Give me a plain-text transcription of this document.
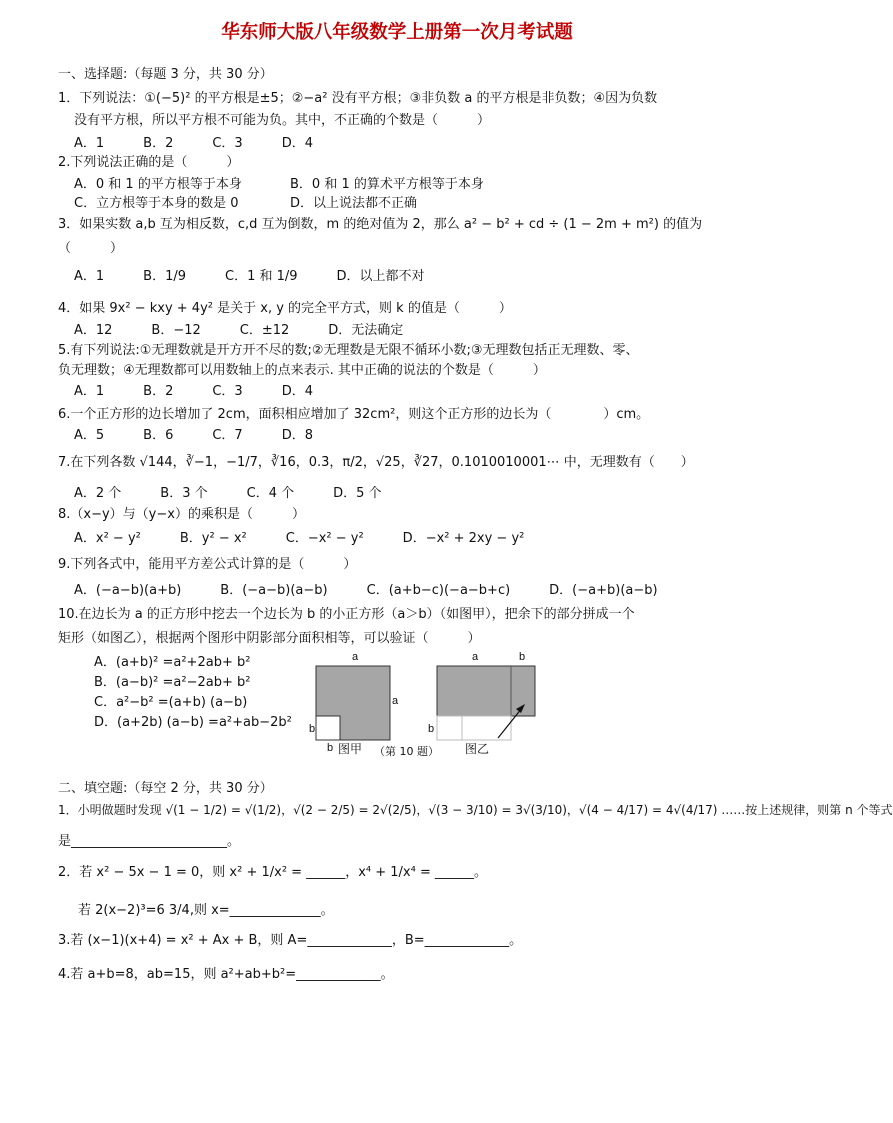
华东师大版八年级数学上册第一次月考试题
一、选择题:（每题 3 分，共 30 分）
1．下列说法：①(−5)² 的平方根是±5；②−a² 没有平方根；③非负数 a 的平方根是非负数；④因为负数
没有平方根，所以平方根不可能为负。其中，不正确的个数是（　　　）
A．1　　　B．2　　　C．3　　　D．4
2.下列说法正确的是（　　　）
A．0 和 1 的平方根等于本身	B．0 和 1 的算术平方根等于本身
C．立方根等于本身的数是 0	D．以上说法都不正确
3．如果实数 a,b 互为相反数，c,d 互为倒数，m 的绝对值为 2，那么 a² − b² + cd ÷ (1 − 2m + m²) 的值为
（　　　）
A．1　　　B．1/9　　　C．1 和 1/9　　　D．以上都不对
4．如果 9x² − kxy + 4y² 是关于 x, y 的完全平方式，则 k 的值是（　　　）
A．12　　　B．−12　　　C．±12　　　D．无法确定
5.有下列说法:①无理数就是开方开不尽的数;②无理数是无限不循环小数;③无理数包括正无理数、零、
负无理数；④无理数都可以用数轴上的点来表示. 其中正确的说法的个数是（　　　）
A．1　　　B．2　　　C．3　　　D．4
6.一个正方形的边长增加了 2cm，面积相应增加了 32cm²，则这个正方形的边长为（　　　　）cm。
A．5　　　B．6　　　C．7　　　D．8
7.在下列各数 √144，∛−1，−1/7，∛16，0.3̇，π/2，√25，∛27，0.1010010001⋯ 中，无理数有（　　）
A．2 个　　　B．3 个　　　C．4 个　　　D．5 个
8.（x−y）与（y−x）的乘积是（　　　）
A．x² − y²　　　B．y² − x²　　　C．−x² − y²　　　D．−x² + 2xy − y²
9.下列各式中，能用平方差公式计算的是（　　　）
A．(−a−b)(a+b)　　　B．(−a−b)(a−b)　　　C．(a+b−c)(−a−b+c)　　　D．(−a+b)(a−b)
10.在边长为 a 的正方形中挖去一个边长为 b 的小正方形（a＞b）（如图甲），把余下的部分拼成一个
矩形（如图乙），根据两个图形中阴影部分面积相等，可以验证（　　　）
A．(a+b)² =a²+2ab+ b²
B．(a−b)² =a²−2ab+ b²
C．a²−b² =(a+b) (a−b)
D．(a+2b) (a−b) =a²+ab−2b²
a
a
b
b 图甲 （第 10 题）
a	b
b
图乙
二、填空题:（每空 2 分，共 30 分）
1．小明做题时发现 √(1 − 1/2) = √(1/2)，√(2 − 2/5) = 2√(2/5)，√(3 − 3/10) = 3√(3/10)，√(4 − 4/17) = 4√(4/17) ……按上述规律，则第 n 个等式
是________________________。
2．若 x² − 5x − 1 = 0，则 x² + 1/x² = ______，x⁴ + 1/x⁴ = ______。
若 2(x−2)³=6 3/4,则 x=______________。
3.若 (x−1)(x+4) = x² + Ax + B，则 A=_____________，B=_____________。
4.若 a+b=8，ab=15，则 a²+ab+b²=_____________。
